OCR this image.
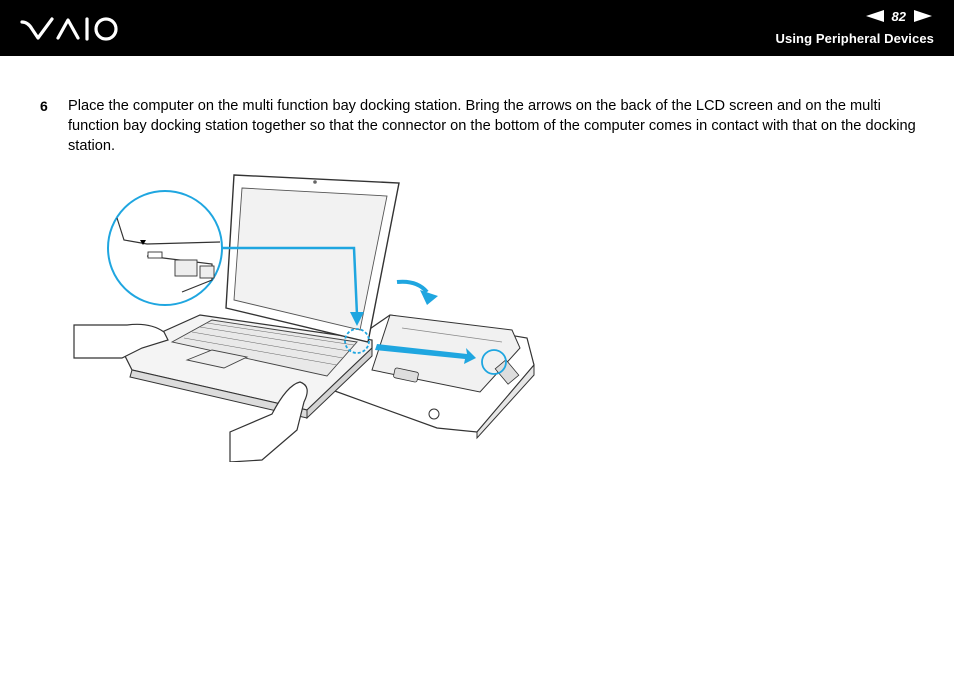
82
Using Peripheral Devices
6	Place the computer on the multi function bay docking station. Bring the arrows on the back of the LCD screen and on the multi function bay docking station together so that the connector on the bottom of the computer comes in contact with that on the docking station.
